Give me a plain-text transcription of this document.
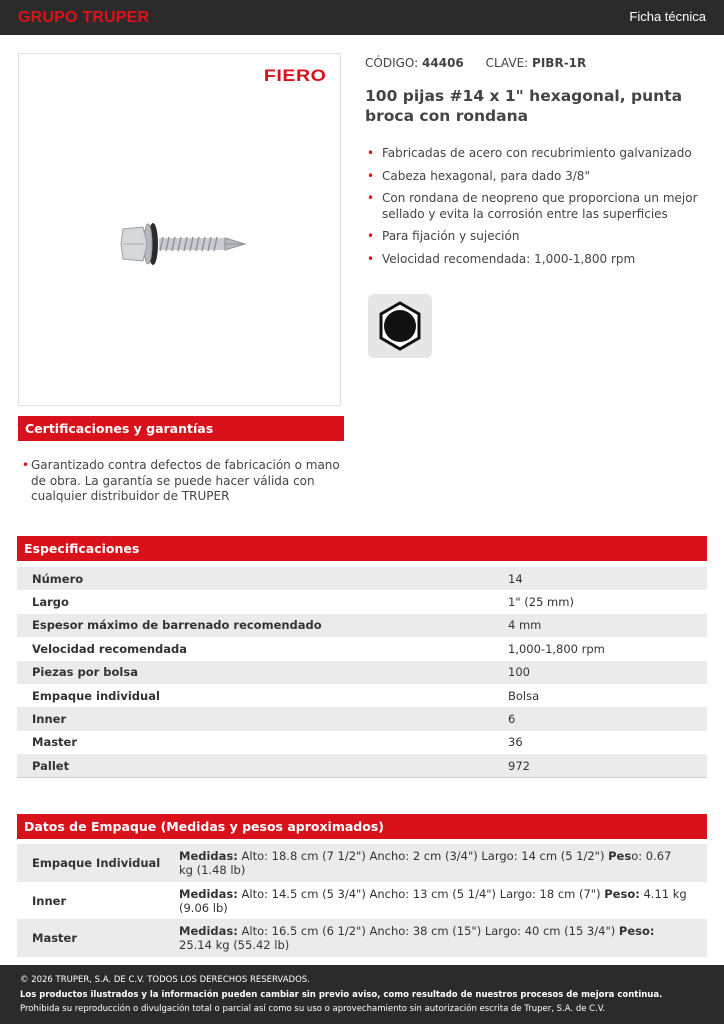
GRUPO TRUPER	Ficha técnica
FIERO
CÓDIGO: 44406 CLAVE: PIBR-1R
100 pijas #14 x 1" hexagonal, punta broca con rondana
• Fabricadas de acero con recubrimiento galvanizado
• Cabeza hexagonal, para dado 3/8"
• Con rondana de neopreno que proporciona un mejor sellado y evita la corrosión entre las superficies
• Para fijación y sujeción
• Velocidad recomendada: 1,000-1,800 rpm
Certificaciones y garantías
• Garantizado contra defectos de fabricación o mano de obra. La garantía se puede hacer válida con cualquier distribuidor de TRUPER
Especificaciones
Número	14
Largo	1" (25 mm)
Espesor máximo de barrenado recomendado	4 mm
Velocidad recomendada	1,000-1,800 rpm
Piezas por bolsa	100
Empaque individual	Bolsa
Inner	6
Master	36
Pallet	972
Datos de Empaque (Medidas y pesos aproximados)
Empaque Individual	Medidas: Alto: 18.8 cm (7 1/2") Ancho: 2 cm (3/4") Largo: 14 cm (5 1/2") Peso: 0.67 kg (1.48 lb)
Inner	Medidas: Alto: 14.5 cm (5 3/4") Ancho: 13 cm (5 1/4") Largo: 18 cm (7") Peso: 4.11 kg (9.06 lb)
Master	Medidas: Alto: 16.5 cm (6 1/2") Ancho: 38 cm (15") Largo: 40 cm (15 3/4") Peso: 25.14 kg (55.42 lb)
© 2026 TRUPER, S.A. DE C.V. TODOS LOS DERECHOS RESERVADOS.
Los productos ilustrados y la información pueden cambiar sin previo aviso, como resultado de nuestros procesos de mejora continua.
Prohibida su reproducción o divulgación total o parcial así como su uso o aprovechamiento sin autorización escrita de Truper, S.A. de C.V.
